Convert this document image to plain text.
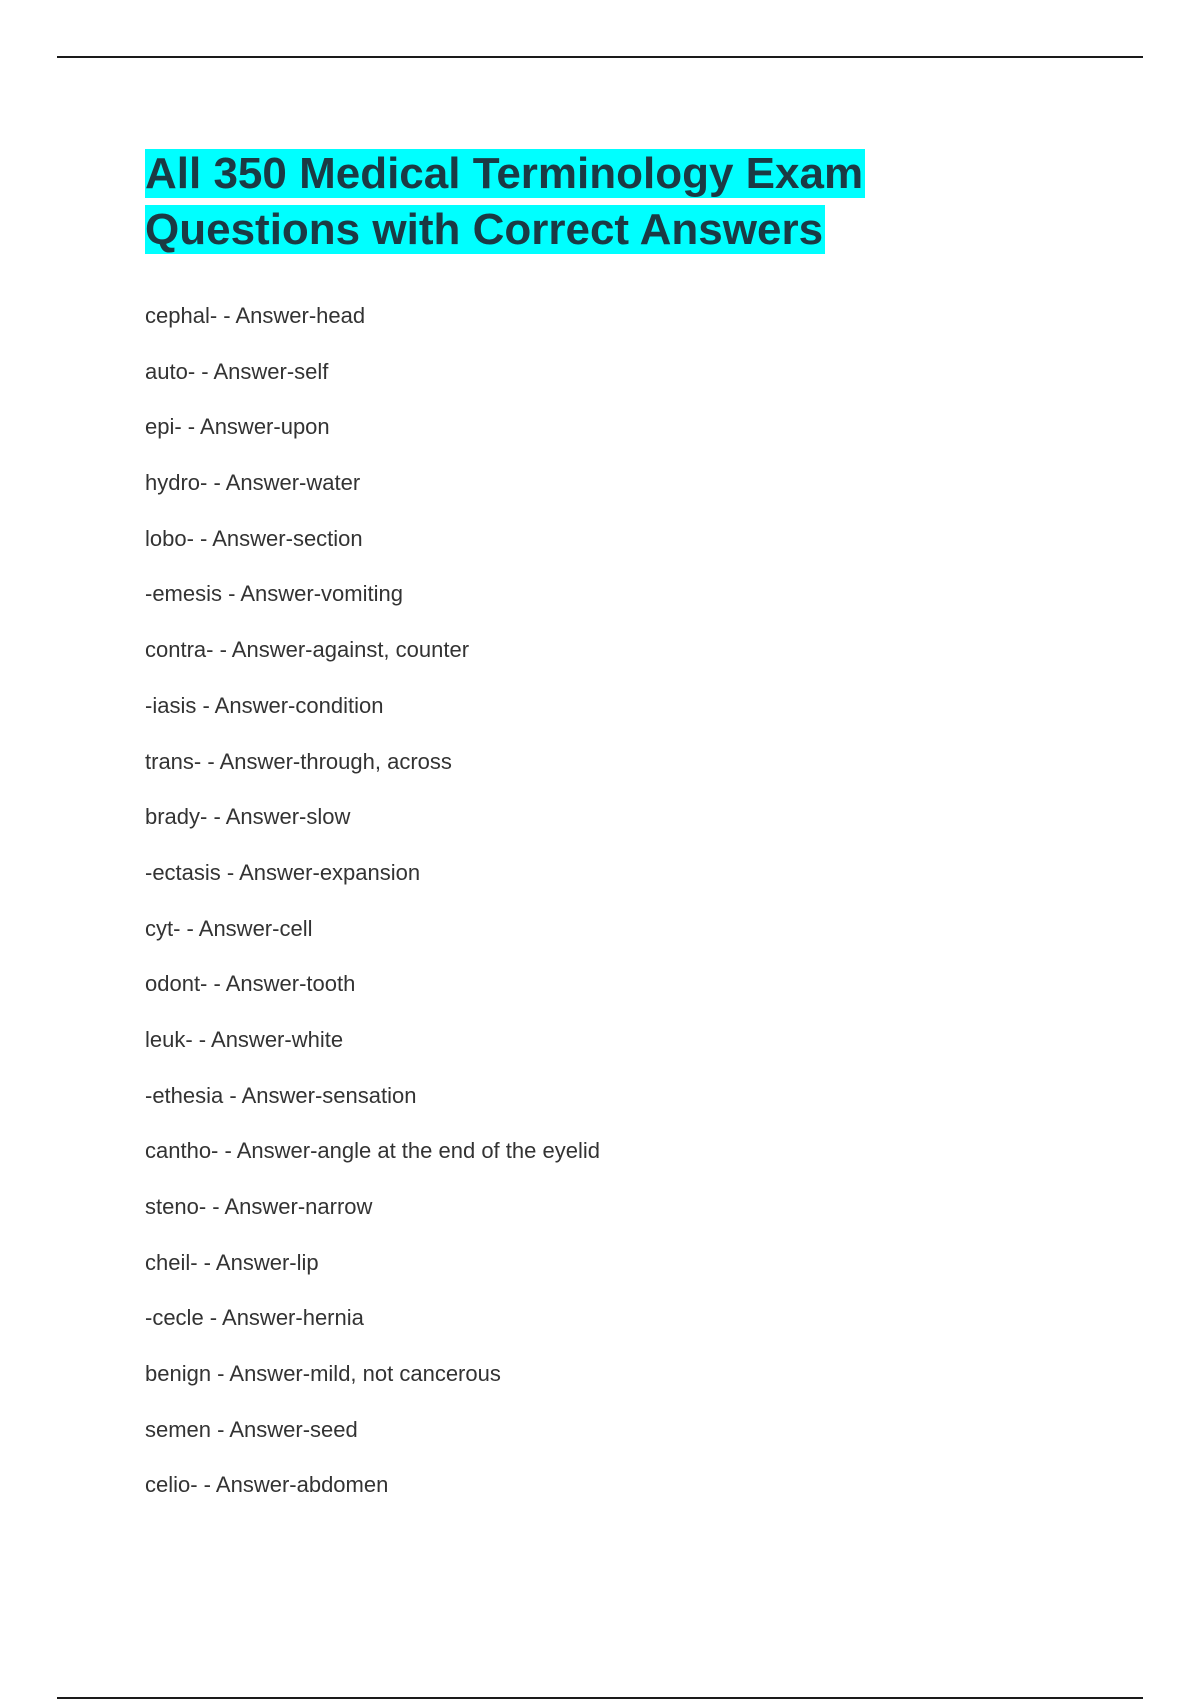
All 350 Medical Terminology Exam
Questions with Correct Answers
cephal- - Answer-head
auto- - Answer-self
epi- - Answer-upon
hydro- - Answer-water
lobo- - Answer-section
-emesis - Answer-vomiting
contra- - Answer-against, counter
-iasis - Answer-condition
trans- - Answer-through, across
brady- - Answer-slow
-ectasis - Answer-expansion
cyt- - Answer-cell
odont- - Answer-tooth
leuk- - Answer-white
-ethesia - Answer-sensation
cantho- - Answer-angle at the end of the eyelid
steno- - Answer-narrow
cheil- - Answer-lip
-cecle - Answer-hernia
benign - Answer-mild, not cancerous
semen - Answer-seed
celio- - Answer-abdomen
